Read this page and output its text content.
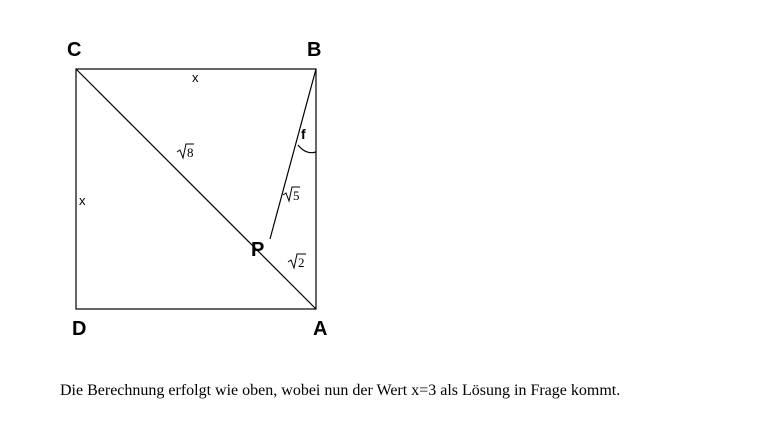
C	B
D	A
P
x
x
8
5
2
f
Die Berechnung erfolgt wie oben, wobei nun der Wert x=3 als Lösung in Frage kommt.
